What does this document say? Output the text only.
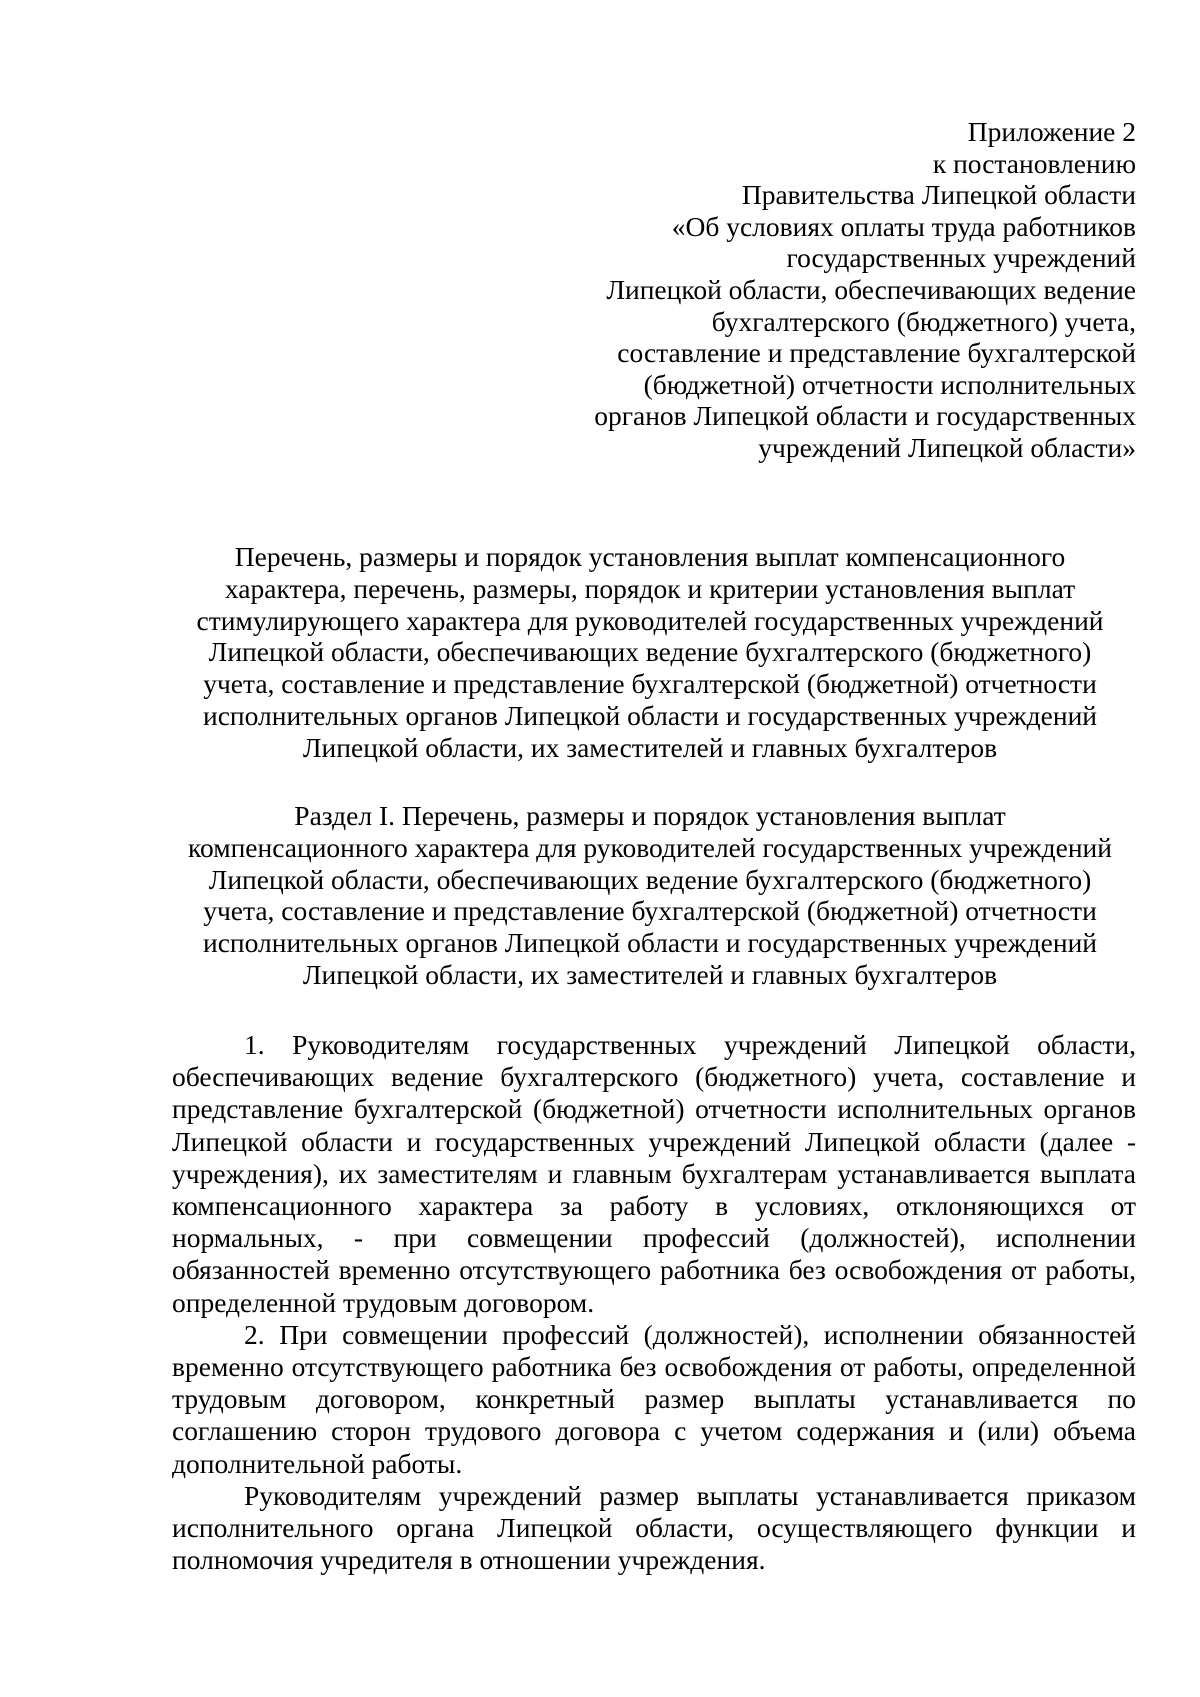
Приложение 2
к постановлению
Правительства Липецкой области
«Об условиях оплаты труда работников
государственных учреждений
Липецкой области, обеспечивающих ведение
бухгалтерского (бюджетного) учета,
составление и представление бухгалтерской
(бюджетной) отчетности исполнительных
органов Липецкой области и государственных
учреждений Липецкой области»
Перечень, размеры и порядок установления выплат компенсационного
характера, перечень, размеры, порядок и критерии установления выплат
стимулирующего характера для руководителей государственных учреждений
Липецкой области, обеспечивающих ведение бухгалтерского (бюджетного)
учета, составление и представление бухгалтерской (бюджетной) отчетности
исполнительных органов Липецкой области и государственных учреждений
Липецкой области, их заместителей и главных бухгалтеров
Раздел I. Перечень, размеры и порядок установления выплат
компенсационного характера для руководителей государственных учреждений
Липецкой области, обеспечивающих ведение бухгалтерского (бюджетного)
учета, составление и представление бухгалтерской (бюджетной) отчетности
исполнительных органов Липецкой области и государственных учреждений
Липецкой области, их заместителей и главных бухгалтеров

1. Руководителям государственных учреждений Липецкой области, обеспечивающих ведение бухгалтерского (бюджетного) учета, составление и представление бухгалтерской (бюджетной) отчетности исполнительных органов Липецкой области и государственных учреждений Липецкой области (далее - учреждения), их заместителям и главным бухгалтерам устанавливается выплата компенсационного характера за работу в условиях, отклоняющихся от нормальных, - при совмещении профессий (должностей), исполнении обязанностей временно отсутствующего работника без освобождения от работы, определенной трудовым договором.

2. При совмещении профессий (должностей), исполнении обязанностей временно отсутствующего работника без освобождения от работы, определенной трудовым договором, конкретный размер выплаты устанавливается по соглашению сторон трудового договора с учетом содержания и (или) объема дополнительной работы.

Руководителям учреждений размер выплаты устанавливается приказом исполнительного органа Липецкой области, осуществляющего функции и полномочия учредителя в отношении учреждения.
